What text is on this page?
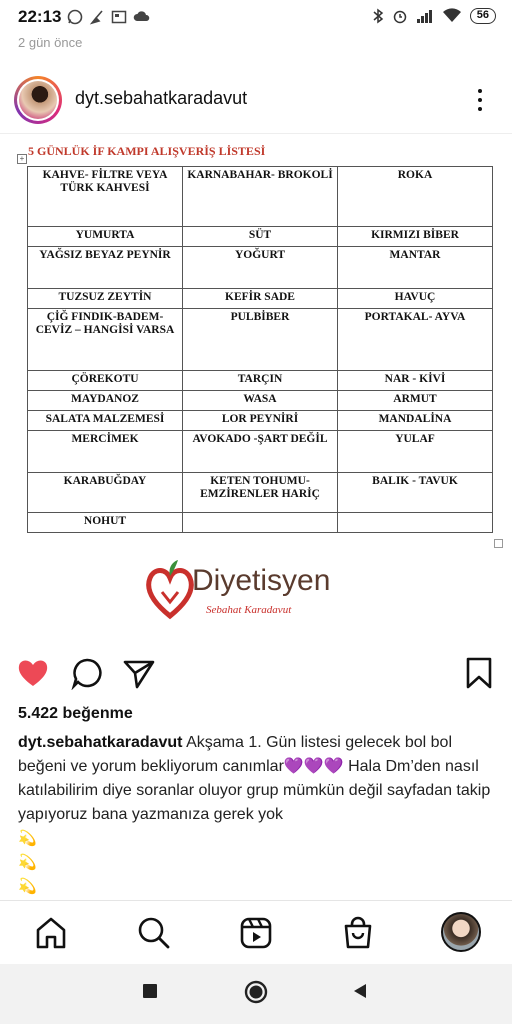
22:13	56
2 gün önce
dyt.sebahatkaradavut
+
5 GÜNLÜK İF KAMPI ALIŞVERİŞ LİSTESİ
KAHVE- FİLTRE VEYA TÜRK KAHVESİ	KARNABAHAR- BROKOLİ	ROKA
YUMURTA	SÜT	KIRMIZI BİBER
YAĞSIZ BEYAZ PEYNİR	YOĞURT	MANTAR
TUZSUZ ZEYTİN	KEFİR SADE	HAVUÇ
ÇİĞ FINDIK-BADEM- CEVİZ – HANGİSİ VARSA	PULBİBER	PORTAKAL- AYVA
ÇÖREKOTU	TARÇIN	NAR - KİVİ
MAYDANOZ	WASA	ARMUT
SALATA MALZEMESİ	LOR PEYNİRİ	MANDALİNA
MERCİMEK	AVOKADO -ŞART DEĞİL	YULAF
KARABUĞDAY	KETEN TOHUMU- EMZİRENLER HARİÇ	BALIK - TAVUK
NOHUT		
Diyetisyen
Sebahat Karadavut
5.422 beğenme
dyt.sebahatkaradavut Akşama 1. Gün listesi gelecek bol bol beğeni ve yorum bekliyorum canımlar💜💜💜 Hala Dm’den nasıl katılabilirim diye soranlar oluyor grup mümkün değil sayfadan takip yapıyoruz bana yazmanıza gerek yok
💫
💫
💫
